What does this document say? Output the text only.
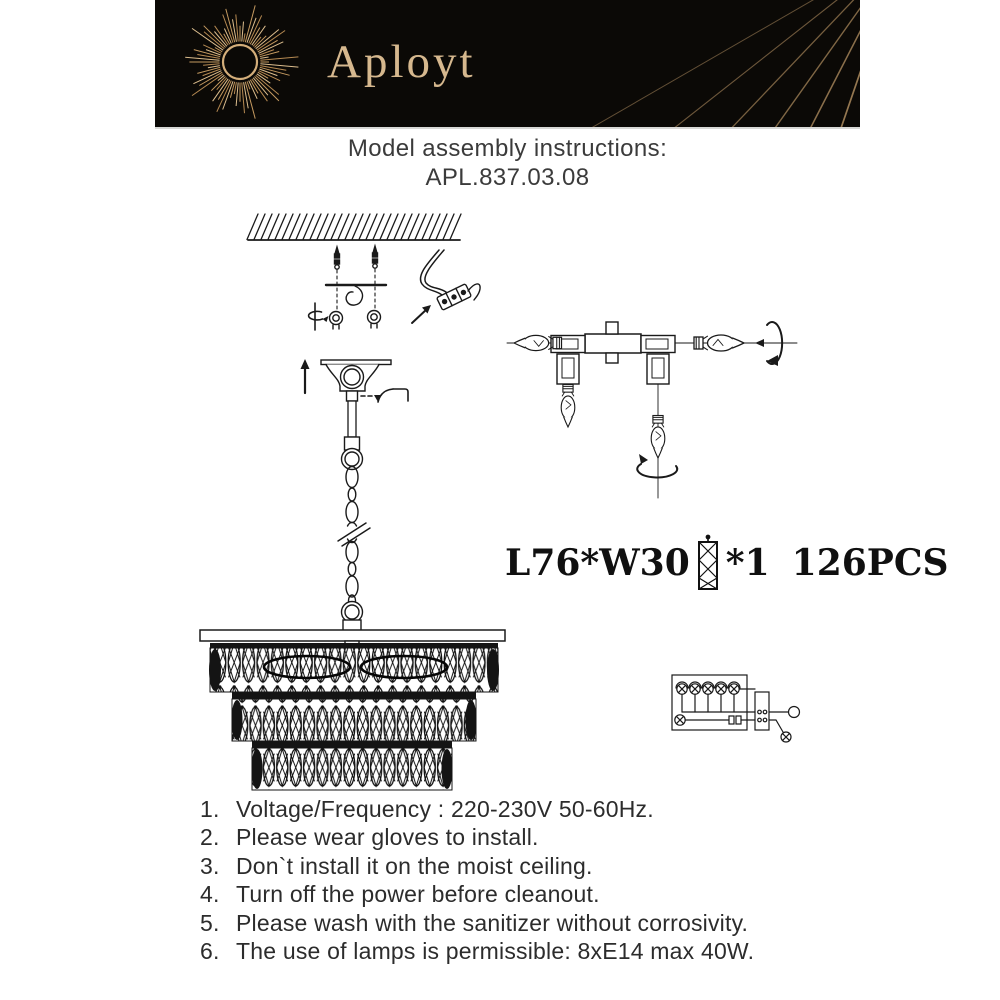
Aployt
Model assembly instructions:
APL.837.03.08
L76*W30 *1 126PCS
1. Voltage/Frequency : 220-230V 50-60Hz.
2. Please wear gloves to install.
3. Don`t install it on the moist ceiling.
4. Turn off the power before cleanout.
5. Please wash with the sanitizer without corrosivity.
6. The use of lamps is permissible: 8xE14 max 40W.
